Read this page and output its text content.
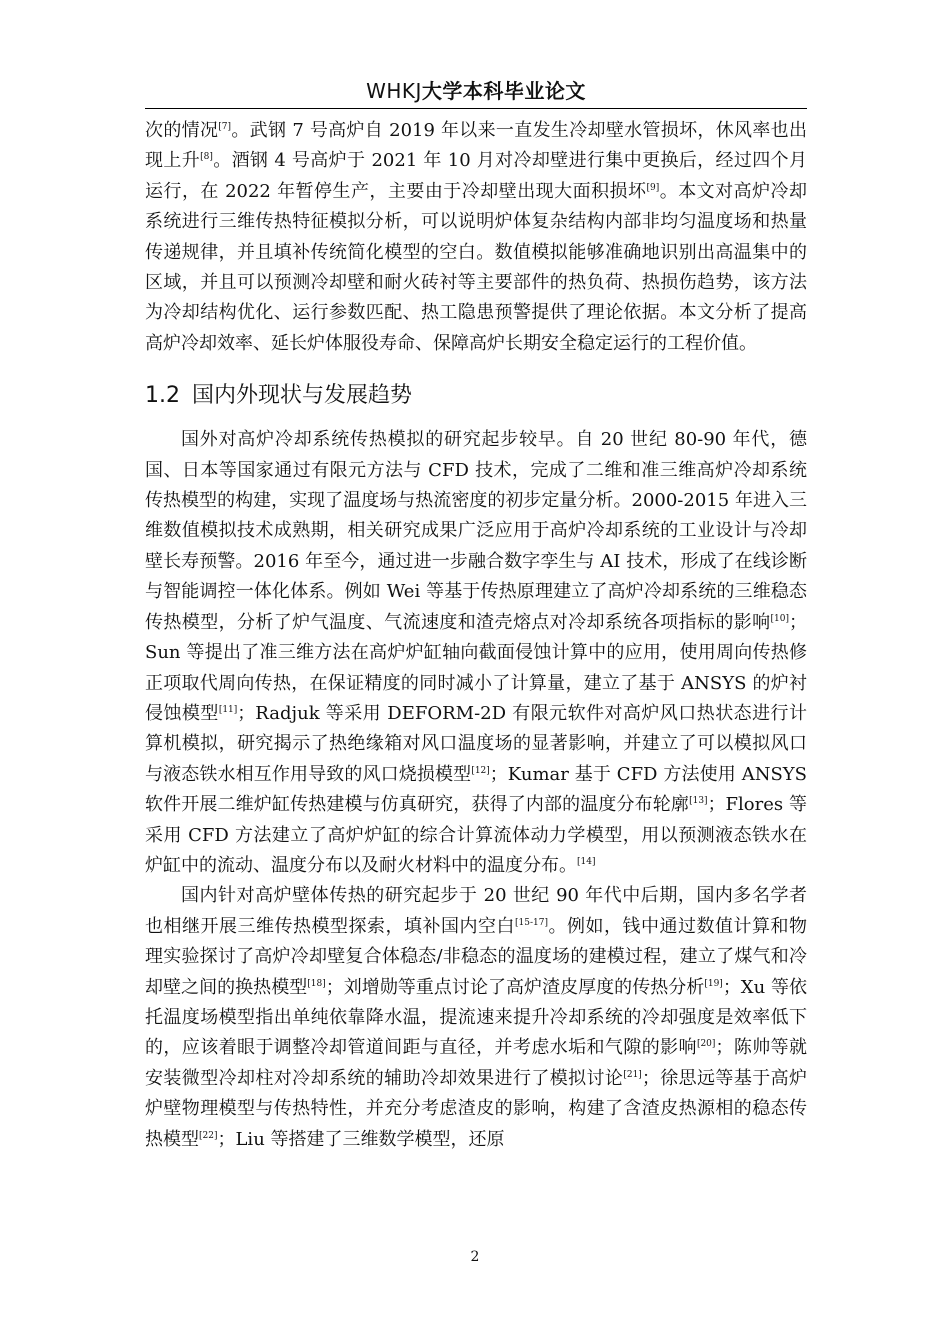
WHKJ大学本科毕业论文

次的情况[7]。武钢 7 号高炉自 2019 年以来一直发生冷却壁水管损坏，休风率也出现上升[8]。酒钢 4 号高炉于 2021 年 10 月对冷却壁进行集中更换后，经过四个月运行，在 2022 年暂停生产，主要由于冷却壁出现大面积损坏[9]。本文对高炉冷却系统进行三维传热特征模拟分析，可以说明炉体复杂结构内部非均匀温度场和热量传递规律，并且填补传统简化模型的空白。数值模拟能够准确地识别出高温集中的区域，并且可以预测冷却壁和耐火砖衬等主要部件的热负荷、热损伤趋势，该方法为冷却结构优化、运行参数匹配、热工隐患预警提供了理论依据。本文分析了提高高炉冷却效率、延长炉体服役寿命、保障高炉长期安全稳定运行的工程价值。

1.2 国内外现状与发展趋势

国外对高炉冷却系统传热模拟的研究起步较早。自 20 世纪 80-90 年代，德国、日本等国家通过有限元方法与 CFD 技术，完成了二维和准三维高炉冷却系统传热模型的构建，实现了温度场与热流密度的初步定量分析。2000-2015 年进入三维数值模拟技术成熟期，相关研究成果广泛应用于高炉冷却系统的工业设计与冷却壁长寿预警。2016 年至今，通过进一步融合数字孪生与 AI 技术，形成了在线诊断与智能调控一体化体系。例如 Wei 等基于传热原理建立了高炉冷却系统的三维稳态传热模型，分析了炉气温度、气流速度和渣壳熔点对冷却系统各项指标的影响[10]；Sun 等提出了准三维方法在高炉炉缸轴向截面侵蚀计算中的应用，使用周向传热修正项取代周向传热，在保证精度的同时减小了计算量，建立了基于 ANSYS 的炉衬侵蚀模型[11]；Radjuk 等采用 DEFORM-2D 有限元软件对高炉风口热状态进行计算机模拟，研究揭示了热绝缘箱对风口温度场的显著影响，并建立了可以模拟风口与液态铁水相互作用导致的风口烧损模型[12]；Kumar 基于 CFD 方法使用 ANSYS 软件开展二维炉缸传热建模与仿真研究，获得了内部的温度分布轮廓[13]；Flores 等采用 CFD 方法建立了高炉炉缸的综合计算流体动力学模型，用以预测液态铁水在炉缸中的流动、温度分布以及耐火材料中的温度分布。[14]

国内针对高炉壁体传热的研究起步于 20 世纪 90 年代中后期，国内多名学者也相继开展三维传热模型探索，填补国内空白[15-17]。例如，钱中通过数值计算和物理实验探讨了高炉冷却壁复合体稳态/非稳态的温度场的建模过程，建立了煤气和冷却壁之间的换热模型[18]；刘增勋等重点讨论了高炉渣皮厚度的传热分析[19]；Xu 等依托温度场模型指出单纯依靠降水温，提流速来提升冷却系统的冷却强度是效率低下的，应该着眼于调整冷却管道间距与直径，并考虑水垢和气隙的影响[20]；陈帅等就安装微型冷却柱对冷却系统的辅助冷却效果进行了模拟讨论[21]；徐思远等基于高炉炉壁物理模型与传热特性，并充分考虑渣皮的影响，构建了含渣皮热源相的稳态传热模型[22]；Liu 等搭建了三维数学模型，还原

2
